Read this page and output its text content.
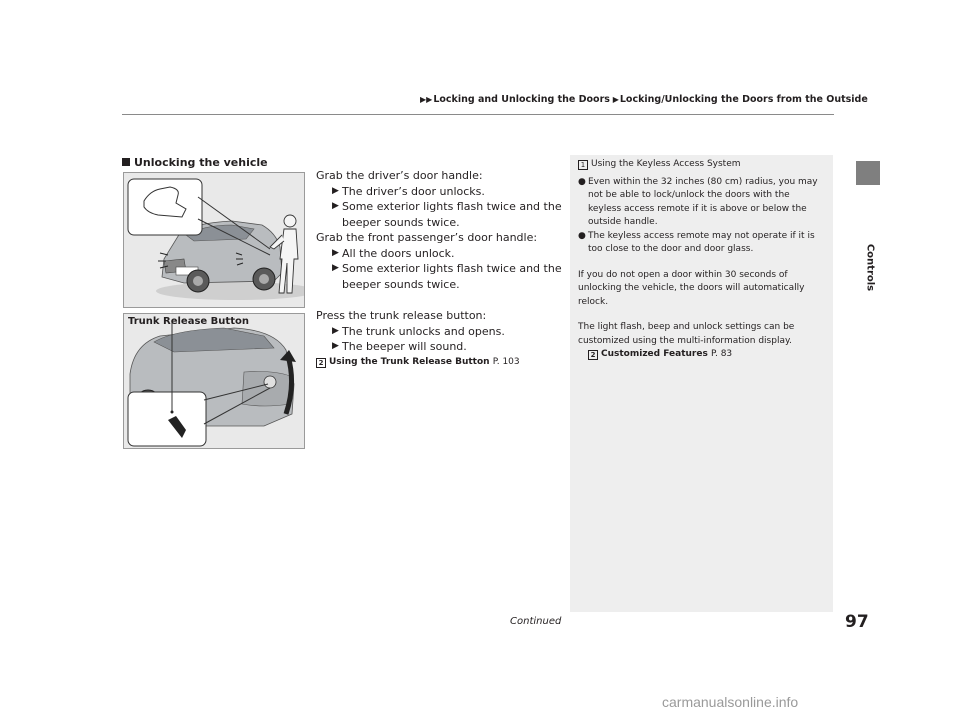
▶▶Locking and Unlocking the Doors ▶Locking/Unlocking the Doors from the Outside
Controls
Unlocking the vehicle
Trunk Release Button

Grab the driver’s door handle:

▶ The driver’s door unlocks.

▶ Some exterior lights flash twice and the beeper sounds twice.

Grab the front passenger’s door handle:

▶ All the doors unlock.

▶ Some exterior lights flash twice and the beeper sounds twice.

Press the trunk release button:

▶ The trunk unlocks and opens.

▶ The beeper will sound.

2 Using the Trunk Release Button P. 103

1 Using the Keyless Access System

● Even within the 32 inches (80 cm) radius, you may not be able to lock/unlock the doors with the keyless access remote if it is above or below the outside handle.

● The keyless access remote may not operate if it is too close to the door and door glass.

If you do not open a door within 30 seconds of unlocking the vehicle, the doors will automatically relock.

The light flash, beep and unlock settings can be customized using the multi-information display.

2 Customized Features P. 83

Continued	97
carmanualsonline.info
